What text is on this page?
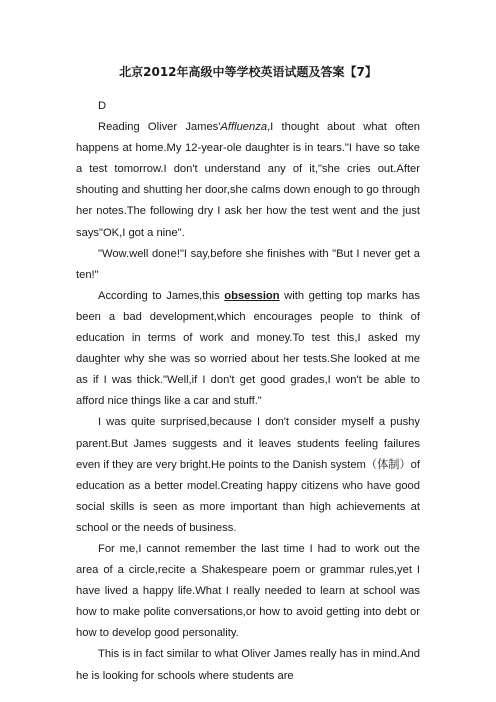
北京2012年高级中等学校英语试题及答案【7】

D

Reading Oliver James'Affluenza,I thought about what often happens at home.My 12-year-ole daughter is in tears."I have so take a test tomorrow.I don't understand any of it,"she cries out.After shouting and shutting her door,she calms down enough to go through her notes.The following dry I ask her how the test went and the just says"OK,I got a nine".

"Wow.well done!"I say,before she finishes with "But I never get a ten!"

According to James,this obsession with getting top marks has been a bad development,which encourages people to think of education in terms of work and money.To test this,I asked my daughter why she was so worried about her tests.She looked at me as if I was thick."Well,if I don't get good grades,I won't be able to afford nice things like a car and stuff."

I was quite surprised,because I don't consider myself a pushy parent.But James suggests and it leaves students feeling failures even if they are very bright.He points to the Danish system（体制）of education as a better model.Creating happy citizens who have good social skills is seen as more important than high achievements at school or the needs of business.

For me,I cannot remember the last time I had to work out the area of a circle,recite a Shakespeare poem or grammar rules,yet I have lived a happy life.What I really needed to learn at school was how to make polite conversations,or how to avoid getting into debt or how to develop good personality.

This is in fact similar to what Oliver James really has in mind.And he is looking for schools where students are
